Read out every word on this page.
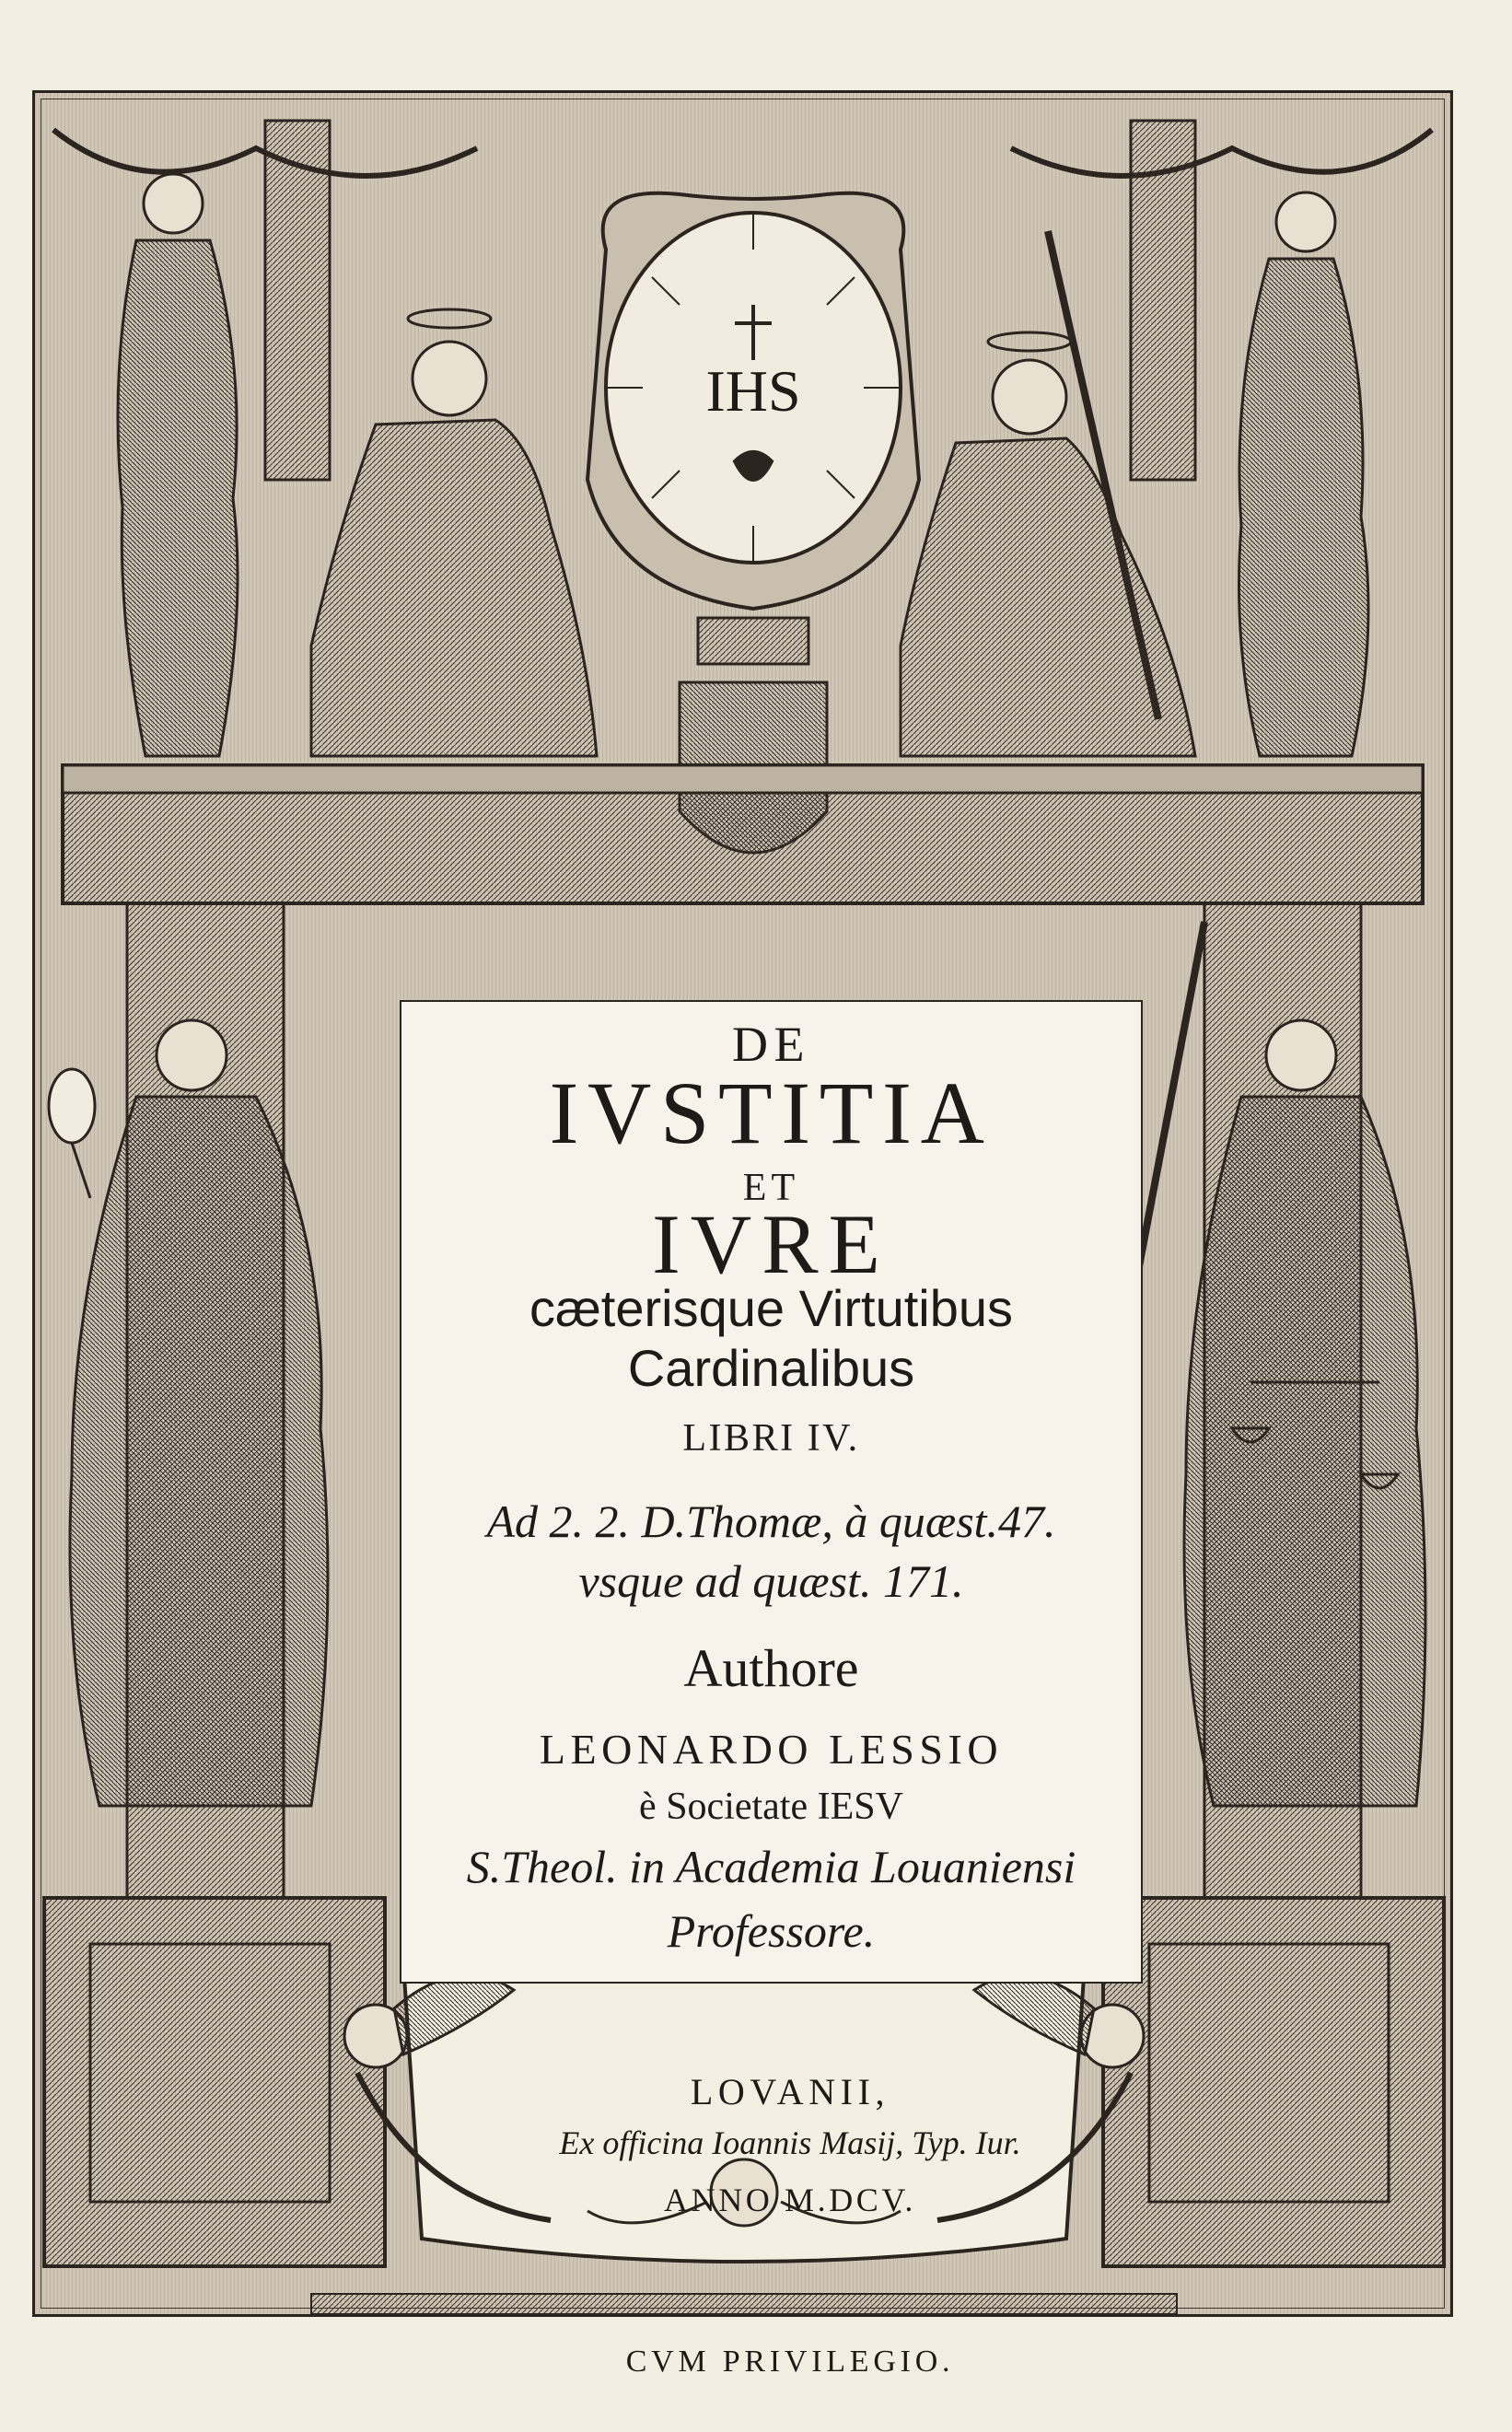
IHS
DE
IVSTITIA
ET
IVRE
cæterisque Virtutibus
Cardinalibus
LIBRI IV.
Ad 2. 2. D.Thomæ, à quæst.47.
vsque ad quæst. 171.
Authore
LEONARDO LESSIO
è Societate IESV
S.Theol. in Academia Louaniensi
Professore.
LOVANII,
Ex officina Ioannis Masij, Typ. Iur.
ANNO M.DCV.
CVM PRIVILEGIO.
